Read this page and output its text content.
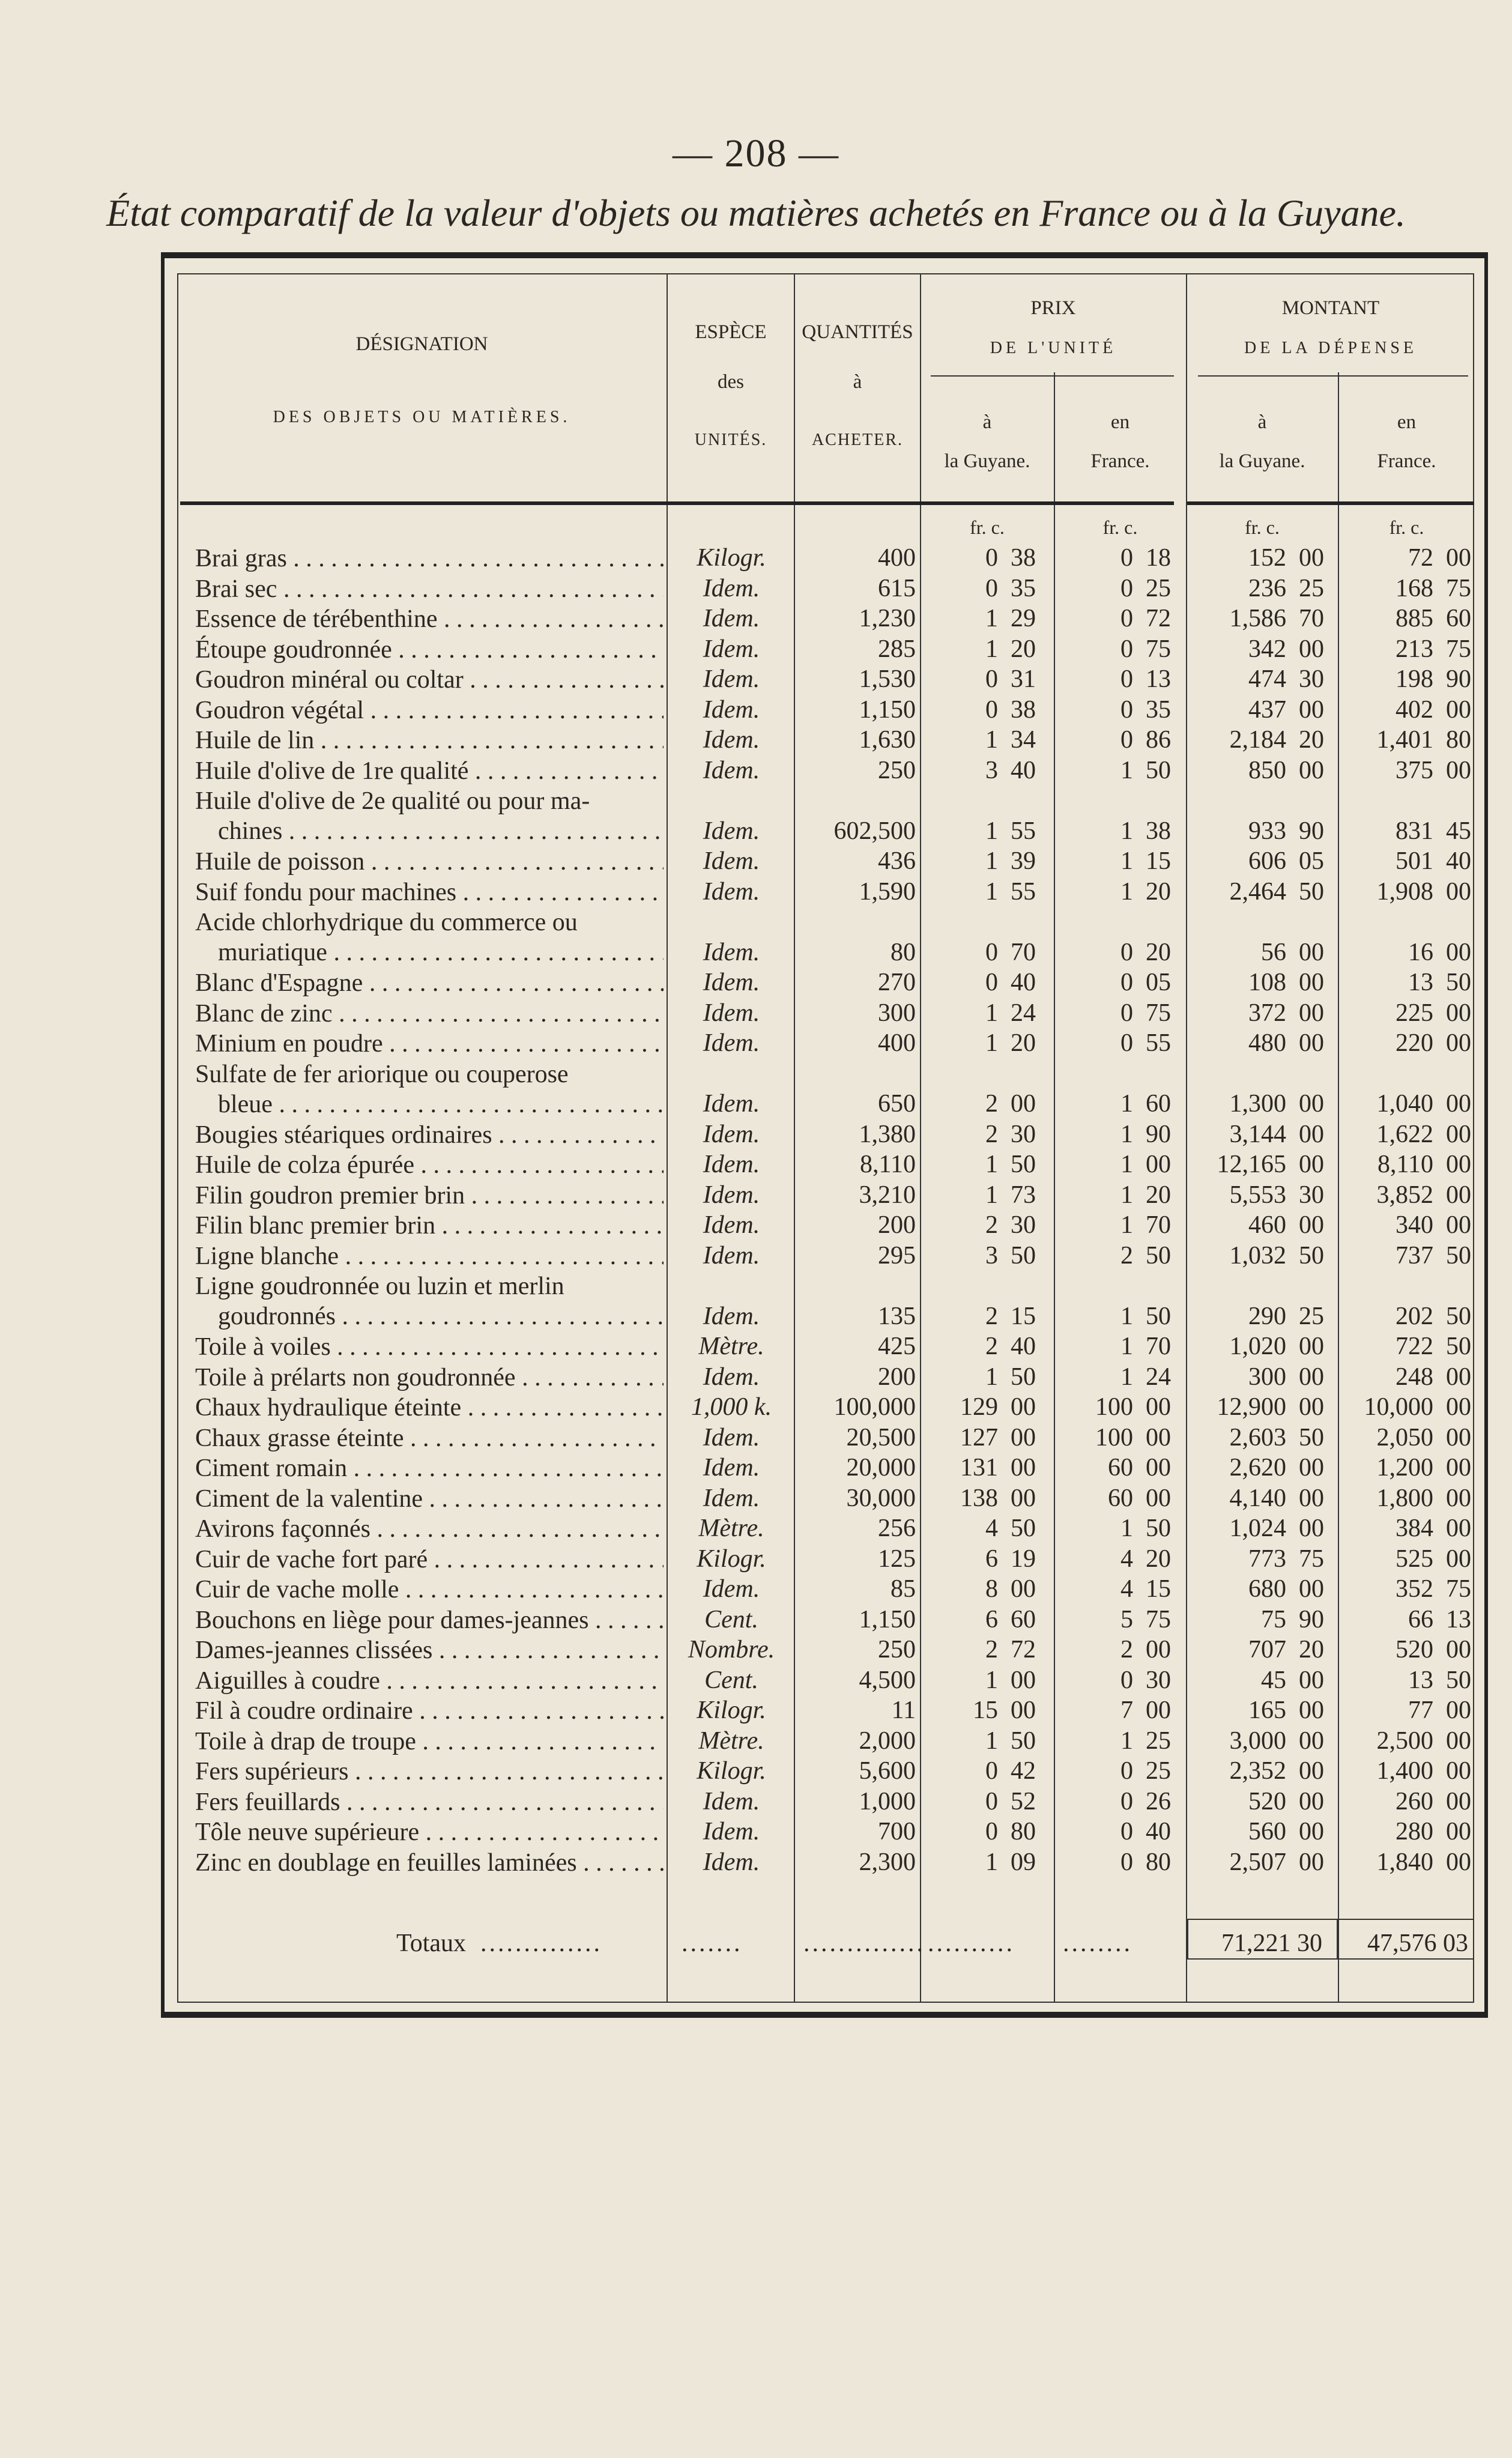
— 208 —
État comparatif de la valeur d'objets ou matières achetés en France ou à la Guyane.
DÉSIGNATION
DES OBJETS OU MATIÈRES.
ESPÈCE
des
UNITÉS.
QUANTITÉS
à
ACHETER.
PRIX
DE L'UNITÉ
MONTANT
DE LA DÉPENSE
à	en	à	en
la Guyane.	France.	la Guyane.	France.
fr. c.	fr. c.	fr. c.	fr. c.
Brai gras . . .	Kilogr.	400	0  38	0  18	152  00	72  00
Brai sec . . .	Idem.	615	0  35	0  25	236  25	168  75
Essence de térébenthine . . .	Idem.	1,230	1  29	0  72	1,586  70	885  60
Étoupe goudronnée . . .	Idem.	285	1  20	0  75	342  00	213  75
Goudron minéral ou coltar . . .	Idem.	1,530	0  31	0  13	474  30	198  90
Goudron végétal . . .	Idem.	1,150	0  38	0  35	437  00	402  00
Huile de lin . . .	Idem.	1,630	1  34	0  86	2,184  20	1,401  80
Huile d'olive de 1re qualité . . .	Idem.	250	3  40	1  50	850  00	375  00
Huile d'olive de 2e qualité ou pour ma-
chines . . .	Idem.	602,500	1  55	1  38	933  90	831  45
Huile de poisson . . .	Idem.	436	1  39	1  15	606  05	501  40
Suif fondu pour machines . . .	Idem.	1,590	1  55	1  20	2,464  50	1,908  00
Acide chlorhydrique du commerce ou
muriatique . . .	Idem.	80	0  70	0  20	56  00	16  00
Blanc d'Espagne . . .	Idem.	270	0  40	0  05	108  00	13  50
Blanc de zinc . . .	Idem.	300	1  24	0  75	372  00	225  00
Minium en poudre . . .	Idem.	400	1  20	0  55	480  00	220  00
Sulfate de fer ariorique ou couperose
bleue . . .	Idem.	650	2  00	1  60	1,300  00	1,040  00
Bougies stéariques ordinaires . . .	Idem.	1,380	2  30	1  90	3,144  00	1,622  00
Huile de colza épurée . . .	Idem.	8,110	1  50	1  00	12,165  00	8,110  00
Filin goudron premier brin . . .	Idem.	3,210	1  73	1  20	5,553  30	3,852  00
Filin blanc premier brin . . .	Idem.	200	2  30	1  70	460  00	340  00
Ligne blanche . . .	Idem.	295	3  50	2  50	1,032  50	737  50
Ligne goudronnée ou luzin et merlin
goudronnés . . .	Idem.	135	2  15	1  50	290  25	202  50
Toile à voiles . . .	Mètre.	425	2  40	1  70	1,020  00	722  50
Toile à prélarts non goudronnée . . .	Idem.	200	1  50	1  24	300  00	248  00
Chaux hydraulique éteinte . . .	1,000 k.	100,000	129  00	100  00	12,900  00	10,000  00
Chaux grasse éteinte . . .	Idem.	20,500	127  00	100  00	2,603  50	2,050  00
Ciment romain . . .	Idem.	20,000	131  00	60  00	2,620  00	1,200  00
Ciment de la valentine . . .	Idem.	30,000	138  00	60  00	4,140  00	1,800  00
Avirons façonnés . . .	Mètre.	256	4  50	1  50	1,024  00	384  00
Cuir de vache fort paré . . .	Kilogr.	125	6  19	4  20	773  75	525  00
Cuir de vache molle . . .	Idem.	85	8  00	4  15	680  00	352  75
Bouchons en liège pour dames-jeannes . . .	Cent.	1,150	6  60	5  75	75  90	66  13
Dames-jeannes clissées . . .	Nombre.	250	2  72	2  00	707  20	520  00
Aiguilles à coudre . . .	Cent.	4,500	1  00	0  30	45  00	13  50
Fil à coudre ordinaire . . .	Kilogr.	11	15  00	7  00	165  00	77  00
Toile à drap de troupe . . .	Mètre.	2,000	1  50	1  25	3,000  00	2,500  00
Fers supérieurs . . .	Kilogr.	5,600	0  42	0  25	2,352  00	1,400  00
Fers feuillards . . .	Idem.	1,000	0  52	0  26	520  00	260  00
Tôle neuve supérieure . . .	Idem.	700	0  80	0  40	560  00	280  00
Zinc en doublage en feuilles laminées . . .	Idem.	2,300	1  09	0  80	2,507  00	1,840  00
Totaux ..............	....... .............. .......... ........	71,221 30	47,576 03
